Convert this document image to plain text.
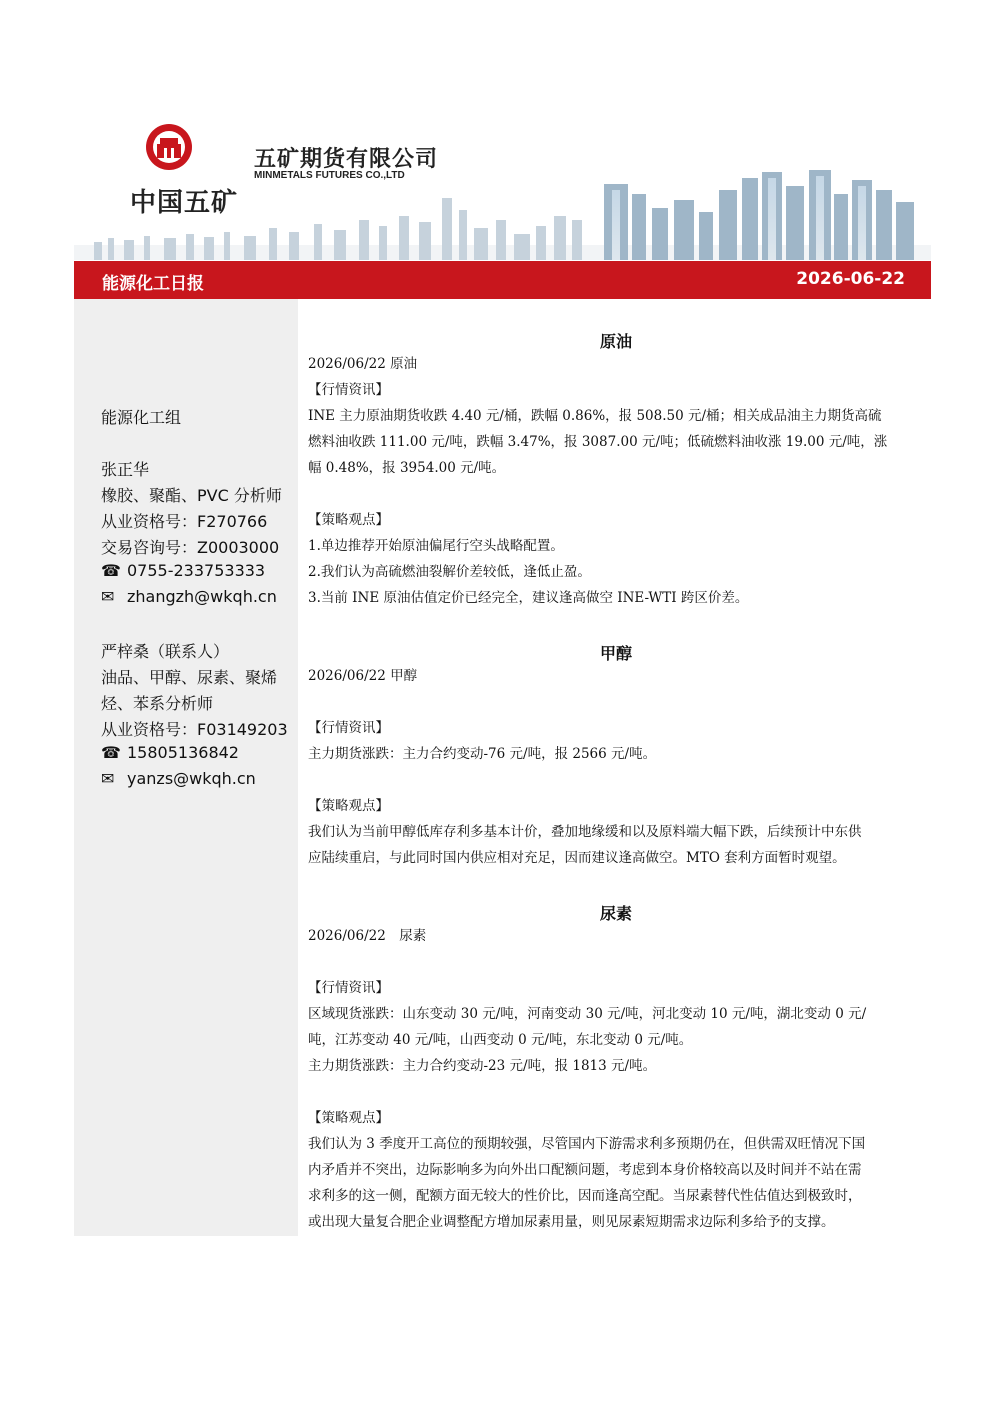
中国五矿
五矿期货有限公司
MINMETALS FUTURES CO.,LTD
能源化工日报	2026-06-22
能源化工组
张正华
橡胶、聚酯、PVC 分析师
从业资格号：F270766
交易咨询号：Z0003000
☎ 0755-233753333
✉ zhangzh@wkqh.cn
严梓桑（联系人）
油品、甲醇、尿素、聚烯
烃、苯系分析师
从业资格号：F03149203
☎ 15805136842
✉ yanzs@wkqh.cn
原油
2026/06/22 原油
【行情资讯】
INE 主力原油期货收跌 4.40 元/桶，跌幅 0.86%，报 508.50 元/桶；相关成品油主力期货高硫
燃料油收跌 111.00 元/吨，跌幅 3.47%，报 3087.00 元/吨；低硫燃料油收涨 19.00 元/吨，涨
幅 0.48%，报 3954.00 元/吨。
【策略观点】
1.单边推荐开始原油偏尾行空头战略配置。
2.我们认为高硫燃油裂解价差较低，逢低止盈。
3.当前 INE 原油估值定价已经完全，建议逢高做空 INE-WTI 跨区价差。
甲醇
2026/06/22 甲醇
【行情资讯】
主力期货涨跌：主力合约变动-76 元/吨，报 2566 元/吨。
【策略观点】
我们认为当前甲醇低库存利多基本计价，叠加地缘缓和以及原料端大幅下跌，后续预计中东供
应陆续重启，与此同时国内供应相对充足，因而建议逢高做空。MTO 套利方面暂时观望。
尿素
2026/06/22　尿素
【行情资讯】
区域现货涨跌：山东变动 30 元/吨，河南变动 30 元/吨，河北变动 10 元/吨，湖北变动 0 元/
吨，江苏变动 40 元/吨，山西变动 0 元/吨，东北变动 0 元/吨。
主力期货涨跌：主力合约变动-23 元/吨，报 1813 元/吨。
【策略观点】
我们认为 3 季度开工高位的预期较强，尽管国内下游需求利多预期仍在，但供需双旺情况下国
内矛盾并不突出，边际影响多为向外出口配额问题，考虑到本身价格较高以及时间并不站在需
求利多的这一侧，配额方面无较大的性价比，因而逢高空配。当尿素替代性估值达到极致时，
或出现大量复合肥企业调整配方增加尿素用量，则见尿素短期需求边际利多给予的支撑。
